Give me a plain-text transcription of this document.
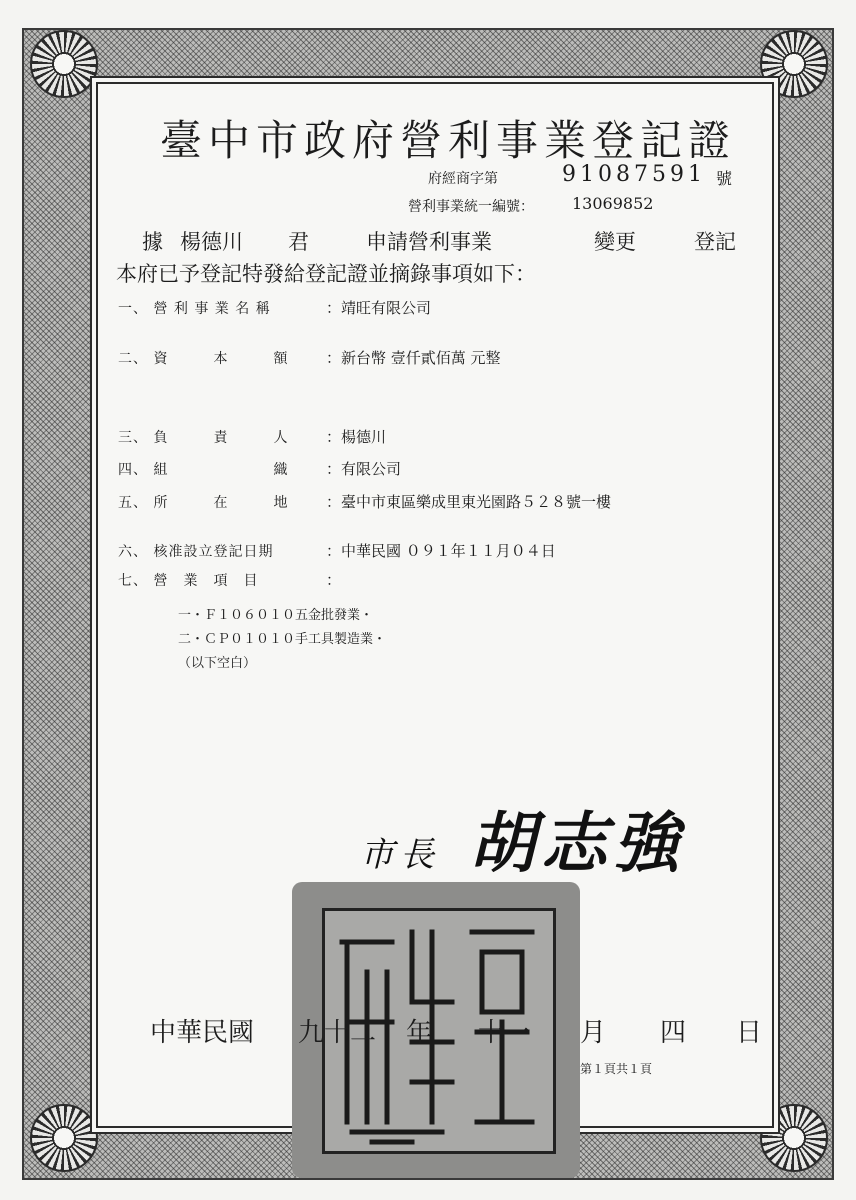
臺中市政府營利事業登記證
府經商字第	91087591 號
營利事業統一編號： 13069852
據 楊德川 君	申請營利事業	變更	登記
本府已予登記特發給登記證並摘錄事項如下：
一、 營 利 事 業 名 稱	：靖旺有限公司
二、 資　　　本　　　額	：新台幣 壹仟貳佰萬 元整
三、 負　　　責　　　人	：楊德川
四、 組　　　　　　　織	：有限公司
五、 所　　　在　　　地	：臺中市東區樂成里東光園路５２８號一樓
六、 核准設立登記日期	：中華民國 ０９１年１１月０４日
七、 營　業　項　目	：
一・Ｆ１０６０１０五金批發業・
二・ＣＰ０１０１０手工具製造業・
（以下空白）
市長 胡志強
中華民國 九十二 年 十一 月 四 日
第１頁共１頁
